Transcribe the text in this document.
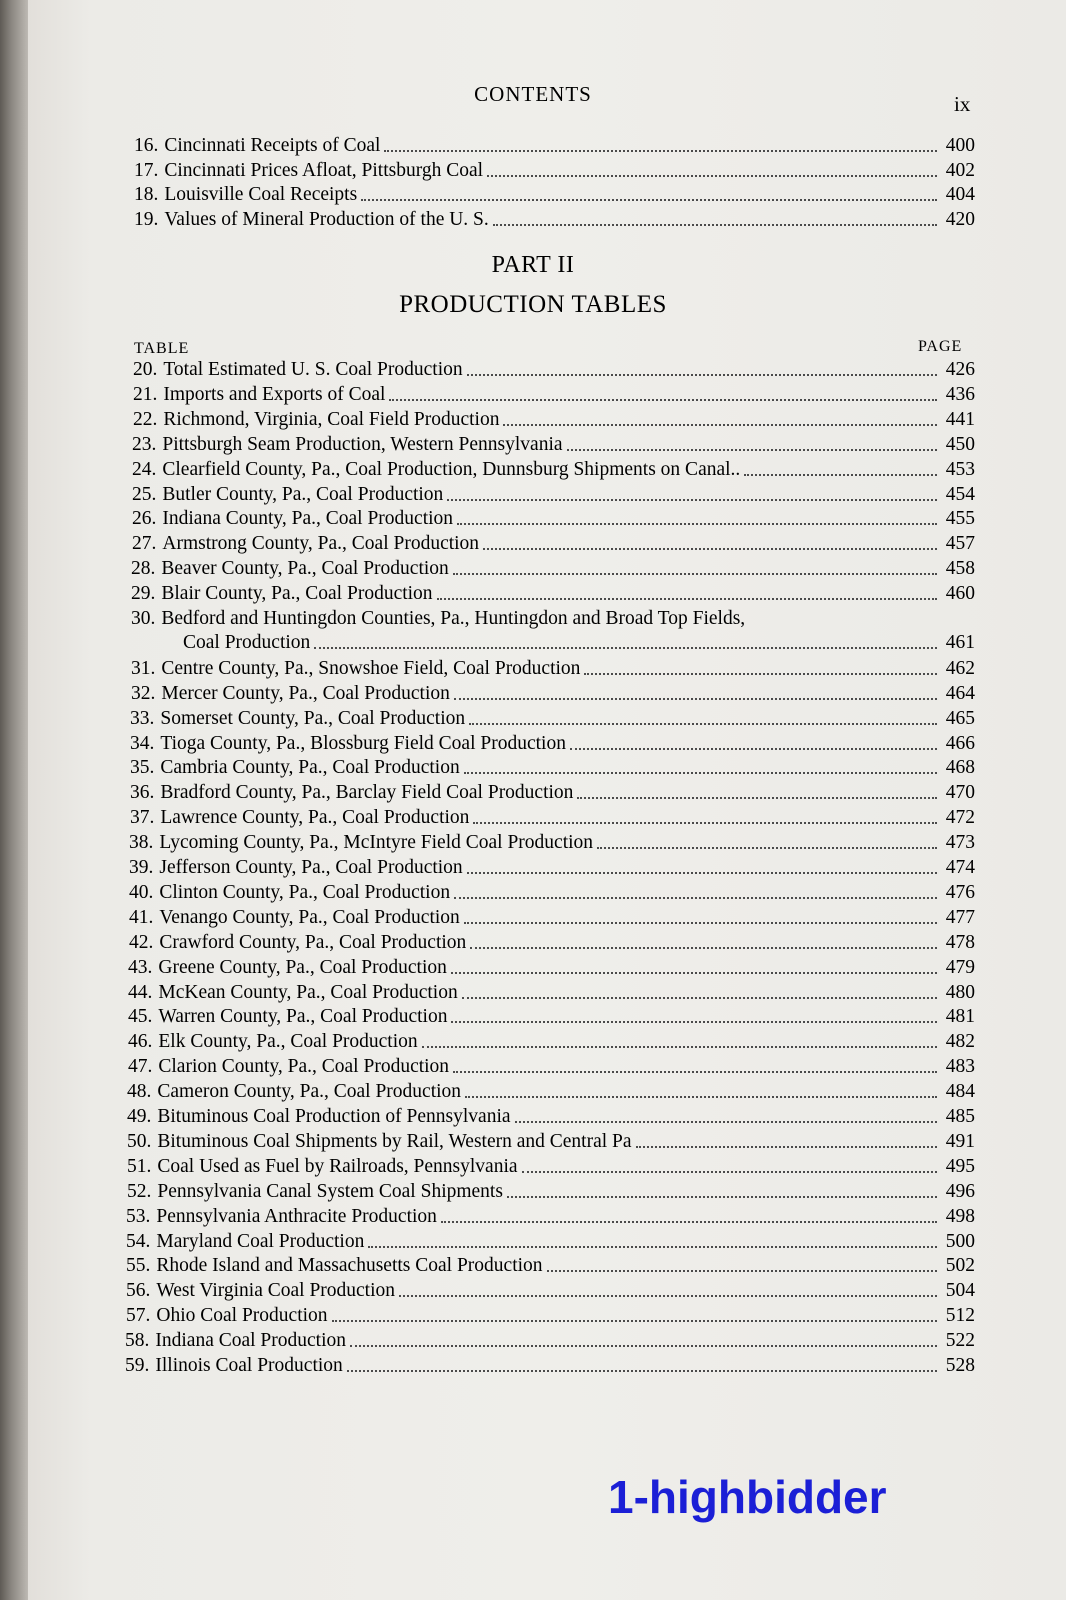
CONTENTS	ix
16. Cincinnati Receipts of Coal	400
17. Cincinnati Prices Afloat, Pittsburgh Coal	402
18. Louisville Coal Receipts	404
19. Values of Mineral Production of the U. S.	420
PART II
PRODUCTION TABLES
TABLE	PAGE
20. Total Estimated U. S. Coal Production	426
21. Imports and Exports of Coal	436
22. Richmond, Virginia, Coal Field Production	441
23. Pittsburgh Seam Production, Western Pennsylvania	450
24. Clearfield County, Pa., Coal Production, Dunnsburg Shipments on Canal..	453
25. Butler County, Pa., Coal Production	454
26. Indiana County, Pa., Coal Production	455
27. Armstrong County, Pa., Coal Production	457
28. Beaver County, Pa., Coal Production	458
29. Blair County, Pa., Coal Production	460
30. Bedford and Huntingdon Counties, Pa., Huntingdon and Broad Top Fields,
Coal Production	461
31. Centre County, Pa., Snowshoe Field, Coal Production	462
32. Mercer County, Pa., Coal Production	464
33. Somerset County, Pa., Coal Production	465
34. Tioga County, Pa., Blossburg Field Coal Production	466
35. Cambria County, Pa., Coal Production	468
36. Bradford County, Pa., Barclay Field Coal Production	470
37. Lawrence County, Pa., Coal Production	472
38. Lycoming County, Pa., McIntyre Field Coal Production	473
39. Jefferson County, Pa., Coal Production	474
40. Clinton County, Pa., Coal Production	476
41. Venango County, Pa., Coal Production	477
42. Crawford County, Pa., Coal Production	478
43. Greene County, Pa., Coal Production	479
44. McKean County, Pa., Coal Production	480
45. Warren County, Pa., Coal Production	481
46. Elk County, Pa., Coal Production	482
47. Clarion County, Pa., Coal Production	483
48. Cameron County, Pa., Coal Production	484
49. Bituminous Coal Production of Pennsylvania	485
50. Bituminous Coal Shipments by Rail, Western and Central Pa	491
51. Coal Used as Fuel by Railroads, Pennsylvania	495
52. Pennsylvania Canal System Coal Shipments	496
53. Pennsylvania Anthracite Production	498
54. Maryland Coal Production	500
55. Rhode Island and Massachusetts Coal Production	502
56. West Virginia Coal Production	504
57. Ohio Coal Production	512
58. Indiana Coal Production	522
59. Illinois Coal Production	528
1-highbidder
